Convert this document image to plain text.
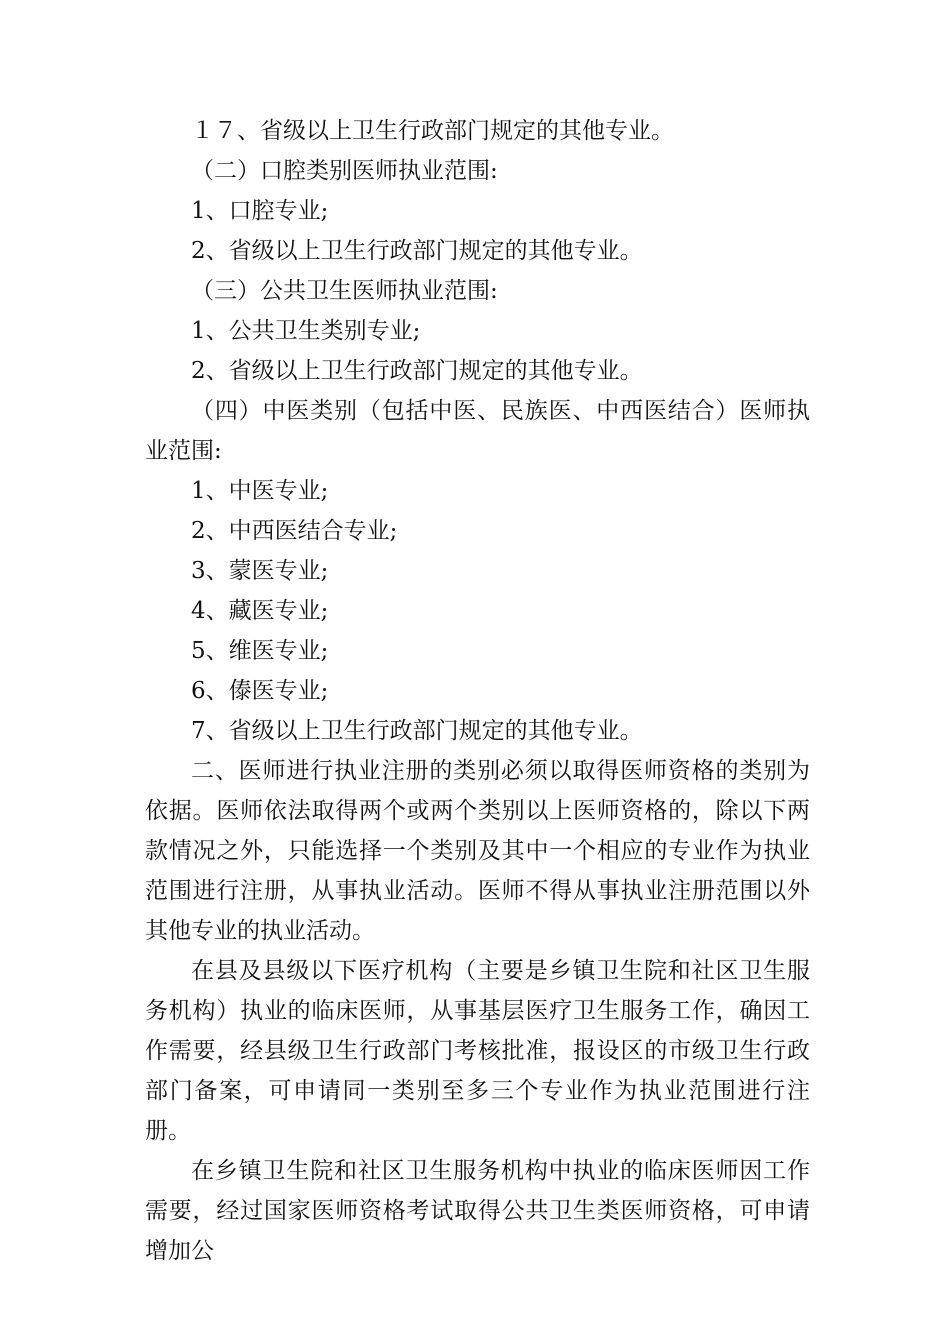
１７、省级以上卫生行政部门规定的其他专业。

（二）口腔类别医师执业范围:

1、口腔专业;

2、省级以上卫生行政部门规定的其他专业。

（三）公共卫生医师执业范围:

1、公共卫生类别专业;

2、省级以上卫生行政部门规定的其他专业。

（四）中医类别（包括中医、民族医、中西医结合）医师执业范围:

1、中医专业;

2、中西医结合专业;

3、蒙医专业;

4、藏医专业;

5、维医专业;

6、傣医专业;

7、省级以上卫生行政部门规定的其他专业。

二、医师进行执业注册的类别必须以取得医师资格的类别为依据。医师依法取得两个或两个类别以上医师资格的，除以下两款情况之外，只能选择一个类别及其中一个相应的专业作为执业范围进行注册，从事执业活动。医师不得从事执业注册范围以外其他专业的执业活动。

在县及县级以下医疗机构（主要是乡镇卫生院和社区卫生服务机构）执业的临床医师，从事基层医疗卫生服务工作，确因工作需要，经县级卫生行政部门考核批准，报设区的市级卫生行政部门备案，可申请同一类别至多三个专业作为执业范围进行注册。

在乡镇卫生院和社区卫生服务机构中执业的临床医师因工作需要，经过国家医师资格考试取得公共卫生类医师资格，可申请增加公
